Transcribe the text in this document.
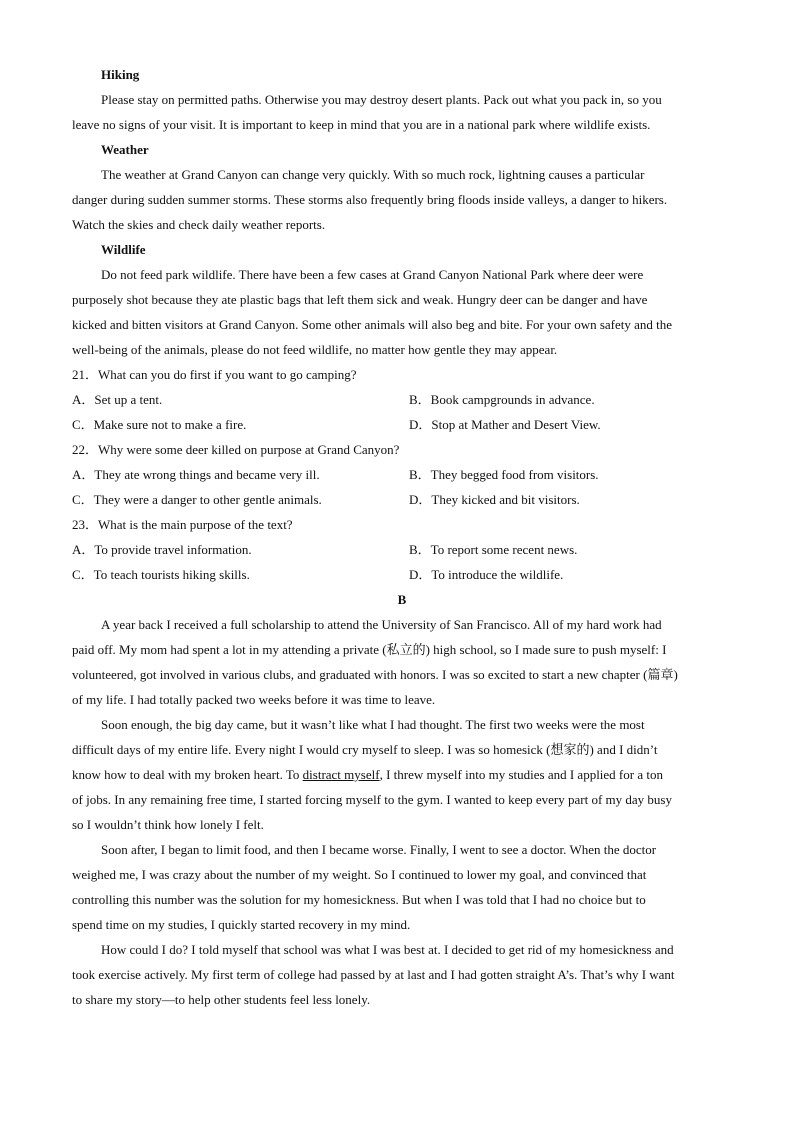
Hiking
Please stay on permitted paths. Otherwise you may destroy desert plants. Pack out what you pack in, so you
leave no signs of your visit. It is important to keep in mind that you are in a national park where wildlife exists.
Weather
The weather at Grand Canyon can change very quickly. With so much rock, lightning causes a particular
danger during sudden summer storms. These storms also frequently bring floods inside valleys, a danger to hikers.
Watch the skies and check daily weather reports.
Wildlife
Do not feed park wildlife. There have been a few cases at Grand Canyon National Park where deer were
purposely shot because they ate plastic bags that left them sick and weak. Hungry deer can be danger and have
kicked and bitten visitors at Grand Canyon. Some other animals will also beg and bite. For your own safety and the
well-being of the animals, please do not feed wildlife, no matter how gentle they may appear.
21．What can you do first if you want to go camping?
A．Set up a tent.	B．Book campgrounds in advance.
C．Make sure not to make a fire.	D．Stop at Mather and Desert View.
22．Why were some deer killed on purpose at Grand Canyon?
A．They ate wrong things and became very ill.	B．They begged food from visitors.
C．They were a danger to other gentle animals.	D．They kicked and bit visitors.
23．What is the main purpose of the text?
A．To provide travel information.	B．To report some recent news.
C．To teach tourists hiking skills.	D．To introduce the wildlife.
B
A year back I received a full scholarship to attend the University of San Francisco. All of my hard work had
paid off. My mom had spent a lot in my attending a private (私立的) high school, so I made sure to push myself: I
volunteered, got involved in various clubs, and graduated with honors. I was so excited to start a new chapter (篇章)
of my life. I had totally packed two weeks before it was time to leave.
Soon enough, the big day came, but it wasn’t like what I had thought. The first two weeks were the most
difficult days of my entire life. Every night I would cry myself to sleep. I was so homesick (想家的) and I didn’t
know how to deal with my broken heart. To distract myself, I threw myself into my studies and I applied for a ton
of jobs. In any remaining free time, I started forcing myself to the gym. I wanted to keep every part of my day busy
so I wouldn’t think how lonely I felt.
Soon after, I began to limit food, and then I became worse. Finally, I went to see a doctor. When the doctor
weighed me, I was crazy about the number of my weight. So I continued to lower my goal, and convinced that
controlling this number was the solution for my homesickness. But when I was told that I had no choice but to
spend time on my studies, I quickly started recovery in my mind.
How could I do? I told myself that school was what I was best at. I decided to get rid of my homesickness and
took exercise actively. My first term of college had passed by at last and I had gotten straight A’s. That’s why I want
to share my story—to help other students feel less lonely.
